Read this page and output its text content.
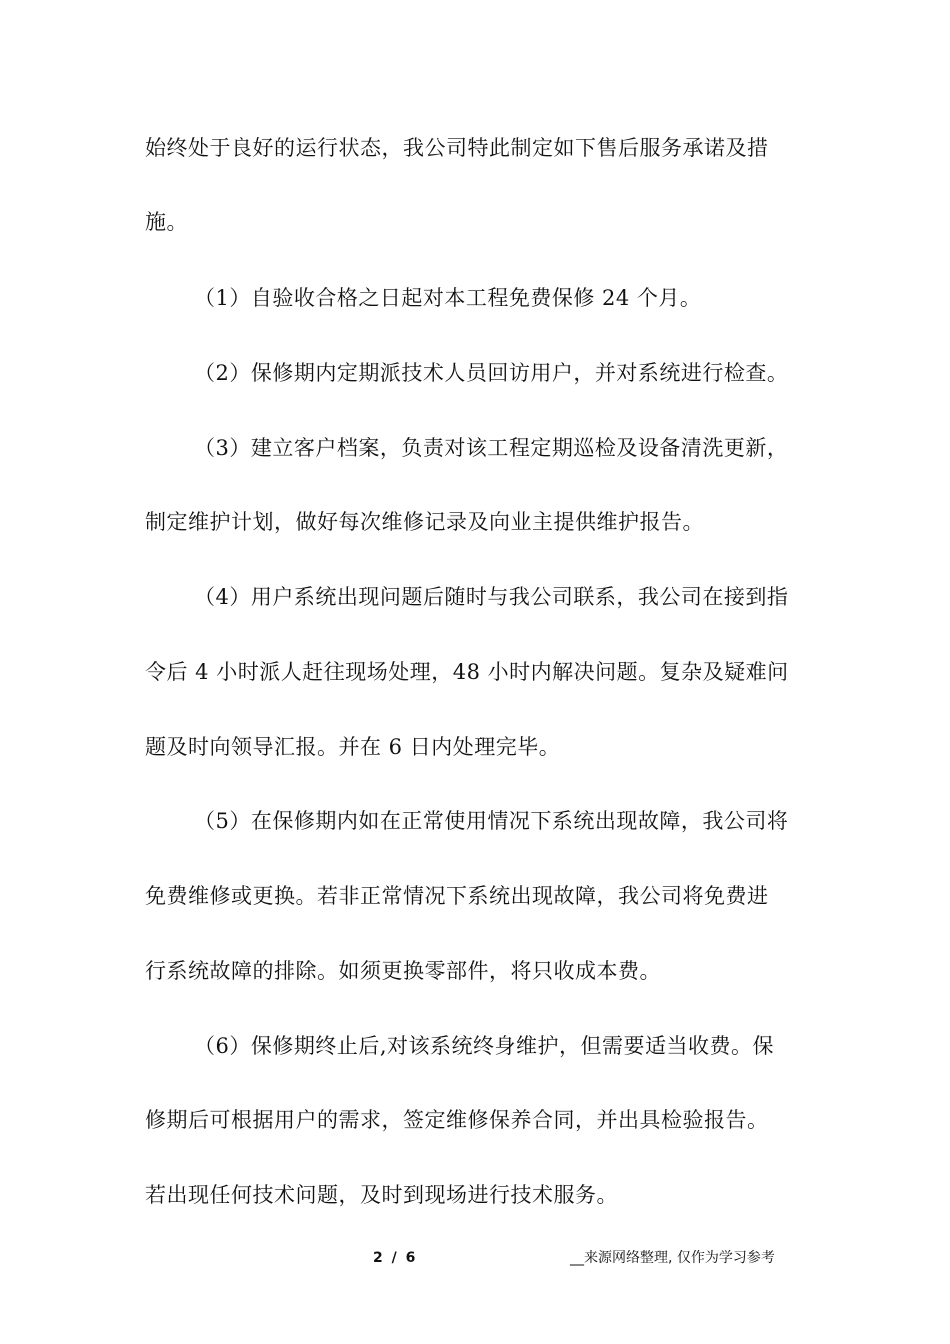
始终处于良好的运行状态，我公司特此制定如下售后服务承诺及措
施。
（1）自验收合格之日起对本工程免费保修 24 个月。
（2）保修期内定期派技术人员回访用户，并对系统进行检查。
（3）建立客户档案，负责对该工程定期巡检及设备清洗更新，
制定维护计划，做好每次维修记录及向业主提供维护报告。
（4）用户系统出现问题后随时与我公司联系，我公司在接到指
令后 4 小时派人赶往现场处理，48 小时内解决问题。复杂及疑难问
题及时向领导汇报。并在 6 日内处理完毕。
（5）在保修期内如在正常使用情况下系统出现故障，我公司将
免费维修或更换。若非正常情况下系统出现故障，我公司将免费进
行系统故障的排除。如须更换零部件，将只收成本费。
（6）保修期终止后,对该系统终身维护，但需要适当收费。保
修期后可根据用户的需求，签定维修保养合同，并出具检验报告。
若出现任何技术问题，及时到现场进行技术服务。
2 / 6	__来源网络整理, 仅作为学习参考
